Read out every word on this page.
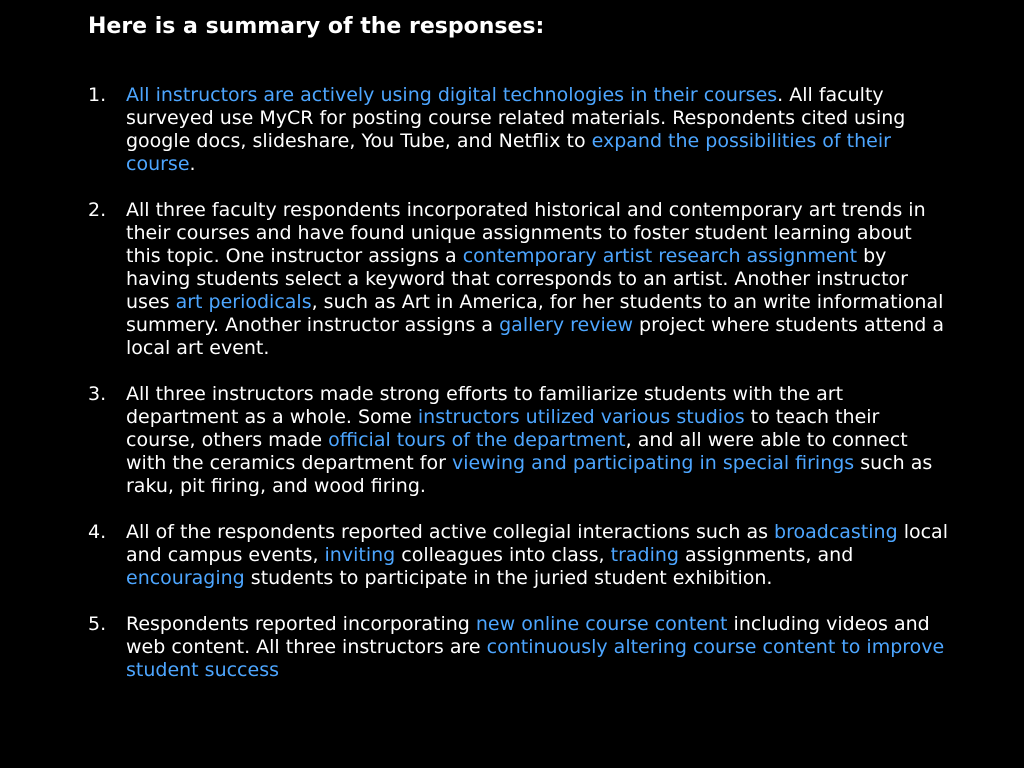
Here is a summary of the responses:

1. All instructors are actively using digital technologies in their courses. All faculty surveyed use MyCR for posting course related materials. Respondents cited using google docs, slideshare, You Tube, and Netflix to expand the possibilities of their course.

2. All three faculty respondents incorporated historical and contemporary art trends in their courses and have found unique assignments to foster student learning about this topic. One instructor assigns a contemporary artist research assignment by having students select a keyword that corresponds to an artist. Another instructor uses art periodicals, such as Art in America, for her students to an write informational summery. Another instructor assigns a gallery review project where students attend a local art event.

3. All three instructors made strong efforts to familiarize students with the art department as a whole. Some instructors utilized various studios to teach their course, others made official tours of the department, and all were able to connect with the ceramics department for viewing and participating in special firings such as raku, pit firing, and wood firing.

4. All of the respondents reported active collegial interactions such as broadcasting local and campus events, inviting colleagues into class, trading assignments, and encouraging students to participate in the juried student exhibition.

5. Respondents reported incorporating new online course content including videos and web content. All three instructors are continuously altering course content to improve student success
